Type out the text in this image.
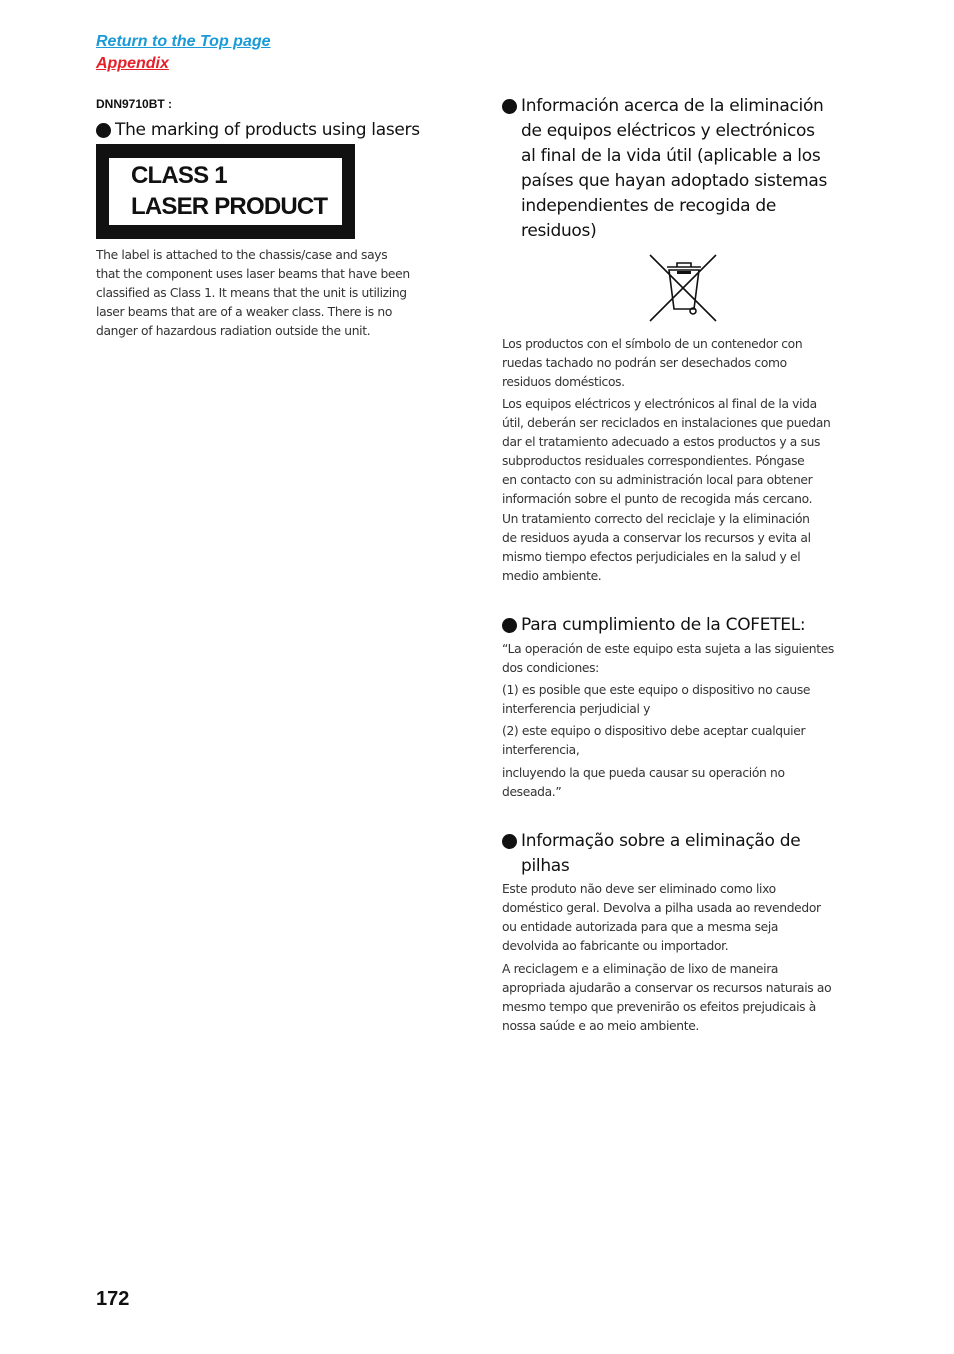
Return to the Top page
Appendix
DNN9710BT :
The marking of products using lasers
CLASS 1
LASER PRODUCT

The label is attached to the chassis/case and says
that the component uses laser beams that have been
classified as Class 1. It means that the unit is utilizing
laser beams that are of a weaker class. There is no
danger of hazardous radiation outside the unit.

Información acerca de la eliminación
de equipos eléctricos y electrónicos
al final de la vida útil (aplicable a los
países que hayan adoptado sistemas
independientes de recogida de
residuos)

Los productos con el símbolo de un contenedor con
ruedas tachado no podrán ser desechados como
residuos domésticos.

Los equipos eléctricos y electrónicos al final de la vida
útil, deberán ser reciclados en instalaciones que puedan
dar el tratamiento adecuado a estos productos y a sus
subproductos residuales correspondientes. Póngase
en contacto con su administración local para obtener
información sobre el punto de recogida más cercano.
Un tratamiento correcto del reciclaje y la eliminación
de residuos ayuda a conservar los recursos y evita al
mismo tiempo efectos perjudiciales en la salud y el
medio ambiente.

Para cumplimiento de la COFETEL:

“La operación de este equipo esta sujeta a las siguientes
dos condiciones:

(1) es posible que este equipo o dispositivo no cause
interferencia perjudicial y

(2) este equipo o dispositivo debe aceptar cualquier
interferencia,

incluyendo la que pueda causar su operación no
deseada.”

Informação sobre a eliminação de
pilhas

Este produto não deve ser eliminado como lixo
doméstico geral. Devolva a pilha usada ao revendedor
ou entidade autorizada para que a mesma seja
devolvida ao fabricante ou importador.

A reciclagem e a eliminação de lixo de maneira
apropriada ajudarão a conservar os recursos naturais ao
mesmo tempo que prevenirão os efeitos prejudicais à
nossa saúde e ao meio ambiente.

172
